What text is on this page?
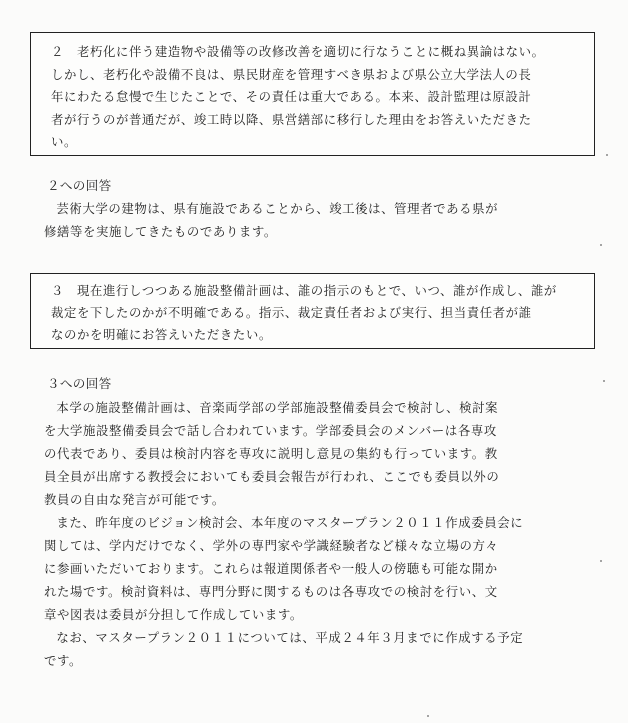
２　老朽化に伴う建造物や設備等の改修改善を適切に行なうことに概ね異論はない。
しかし、老朽化や設備不良は、県民財産を管理すべき県および県公立大学法人の長
年にわたる怠慢で生じたことで、その責任は重大である。本来、設計監理は原設計
者が行うのが普通だが、竣工時以降、県営繕部に移行した理由をお答えいただきた
い。

２への回答

芸術大学の建物は、県有施設であることから、竣工後は、管理者である県が
修繕等を実施してきたものであります。

３　現在進行しつつある施設整備計画は、誰の指示のもとで、いつ、誰が作成し、誰が
裁定を下したのかが不明確である。指示、裁定責任者および実行、担当責任者が誰
なのかを明確にお答えいただきたい。

３への回答

本学の施設整備計画は、音楽両学部の学部施設整備委員会で検討し、検討案
を大学施設整備委員会で話し合われています。学部委員会のメンバーは各専攻
の代表であり、委員は検討内容を専攻に説明し意見の集約も行っています。教
員全員が出席する教授会においても委員会報告が行われ、ここでも委員以外の
教員の自由な発言が可能です。

また、昨年度のビジョン検討会、本年度のマスタープラン２０１１作成委員会に
関しては、学内だけでなく、学外の専門家や学識経験者など様々な立場の方々
に参画いただいております。これらは報道関係者や一般人の傍聴も可能な開か
れた場です。検討資料は、専門分野に関するものは各専攻での検討を行い、文
章や図表は委員が分担して作成しています。

なお、マスタープラン２０１１については、平成２４年３月までに作成する予定
です。
